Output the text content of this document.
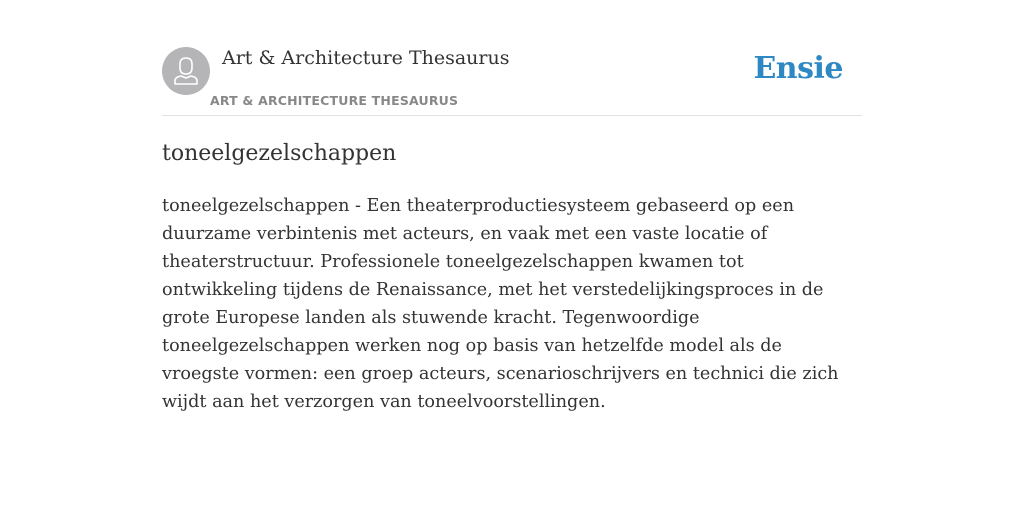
Art & Architecture Thesaurus
ART & ARCHITECTURE THESAURUS
Ensie
toneelgezelschappen

toneelgezelschappen - Een theaterproductiesysteem gebaseerd op een duurzame verbintenis met acteurs, en vaak met een vaste locatie of theaterstructuur. Professionele toneelgezelschappen kwamen tot ontwikkeling tijdens de Renaissance, met het verstedelijkingsproces in de grote Europese landen als stuwende kracht. Tegenwoordige toneelgezelschappen werken nog op basis van hetzelfde model als de vroegste vormen: een groep acteurs, scenarioschrijvers en technici die zich wijdt aan het verzorgen van toneelvoorstellingen.
